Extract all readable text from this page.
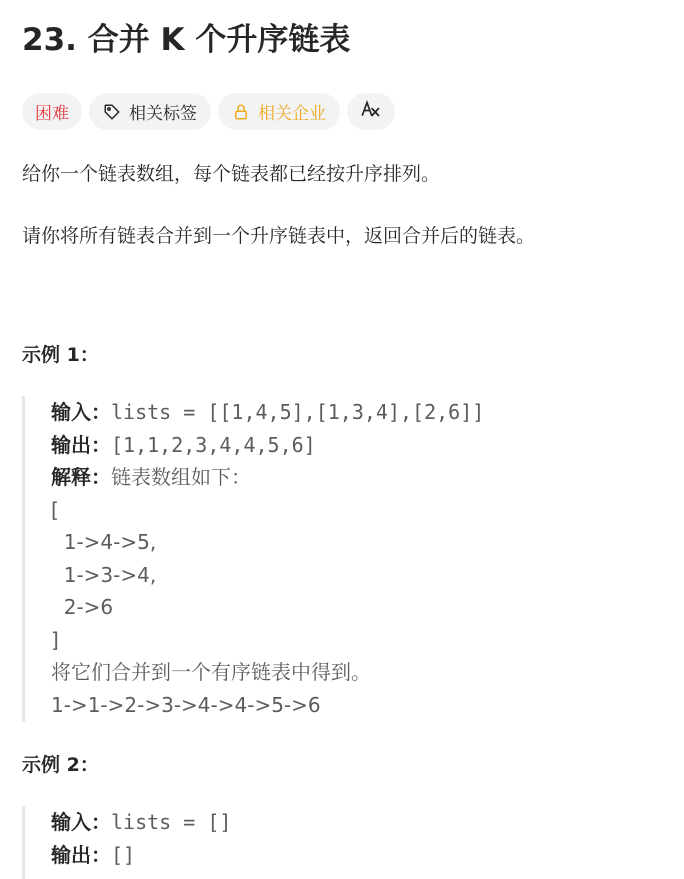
23. 合并 K 个升序链表
困难	相关标签	相关企业

给你一个链表数组，每个链表都已经按升序排列。

请你将所有链表合并到一个升序链表中，返回合并后的链表。

示例 1：

输入：lists = [[1,4,5],[1,3,4],[2,6]]
输出：[1,1,2,3,4,4,5,6]
解释：链表数组如下：
[
1->4->5,
1->3->4,
2->6
]
将它们合并到一个有序链表中得到。
1->1->2->3->4->4->5->6

示例 2：

输入：lists = []
输出：[]
